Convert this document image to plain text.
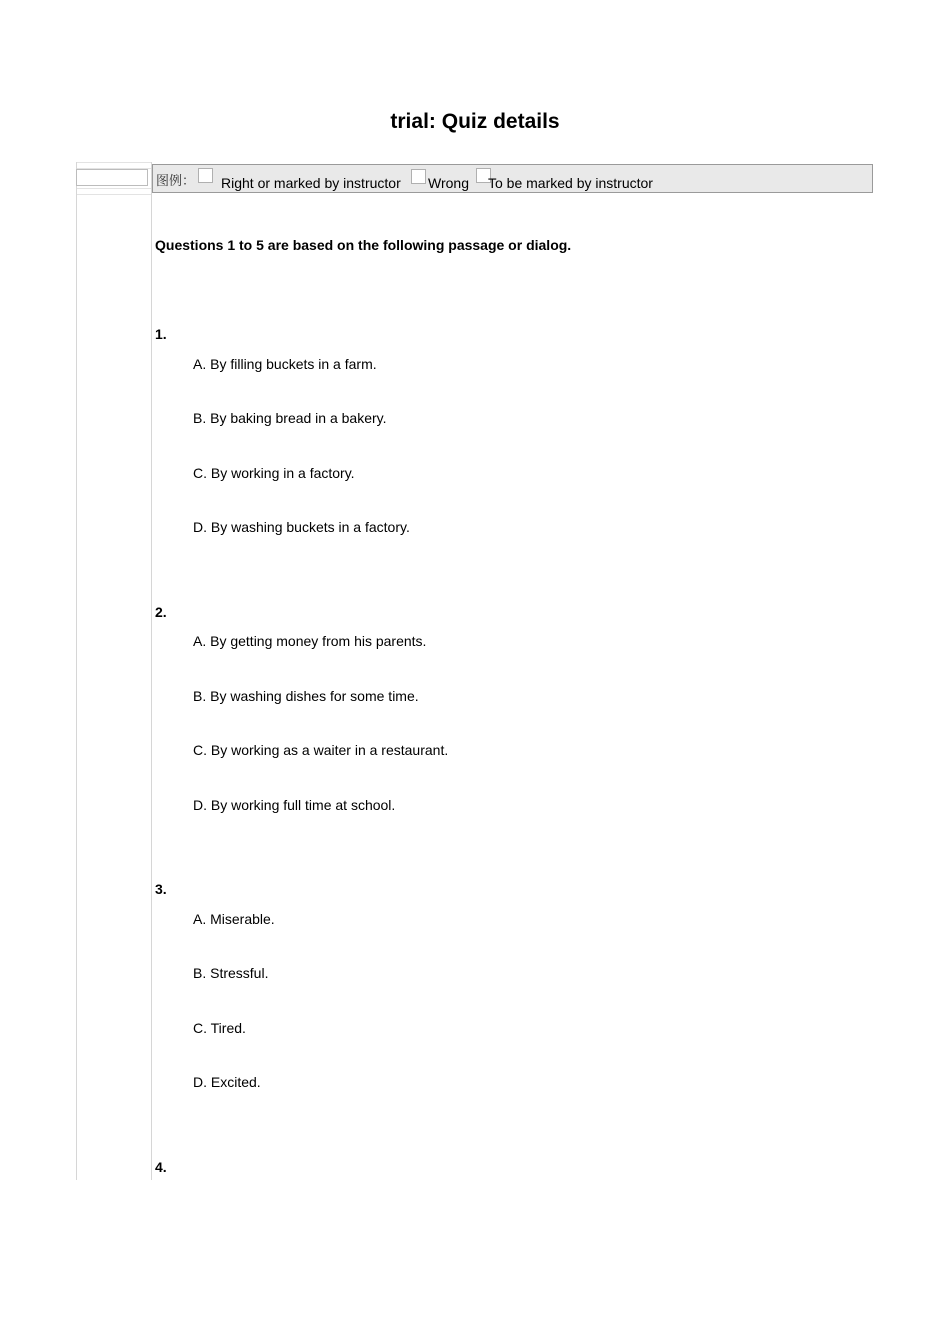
trial: Quiz details
图例： Right or marked by instructor Wrong To be marked by instructor
Questions 1 to 5 are based on the following passage or dialog.
1.
A. By filling buckets in a farm.
B. By baking bread in a bakery.
C. By working in a factory.
D. By washing buckets in a factory.
2.
A. By getting money from his parents.
B. By washing dishes for some time.
C. By working as a waiter in a restaurant.
D. By working full time at school.
3.
A. Miserable.
B. Stressful.
C. Tired.
D. Excited.
4.
